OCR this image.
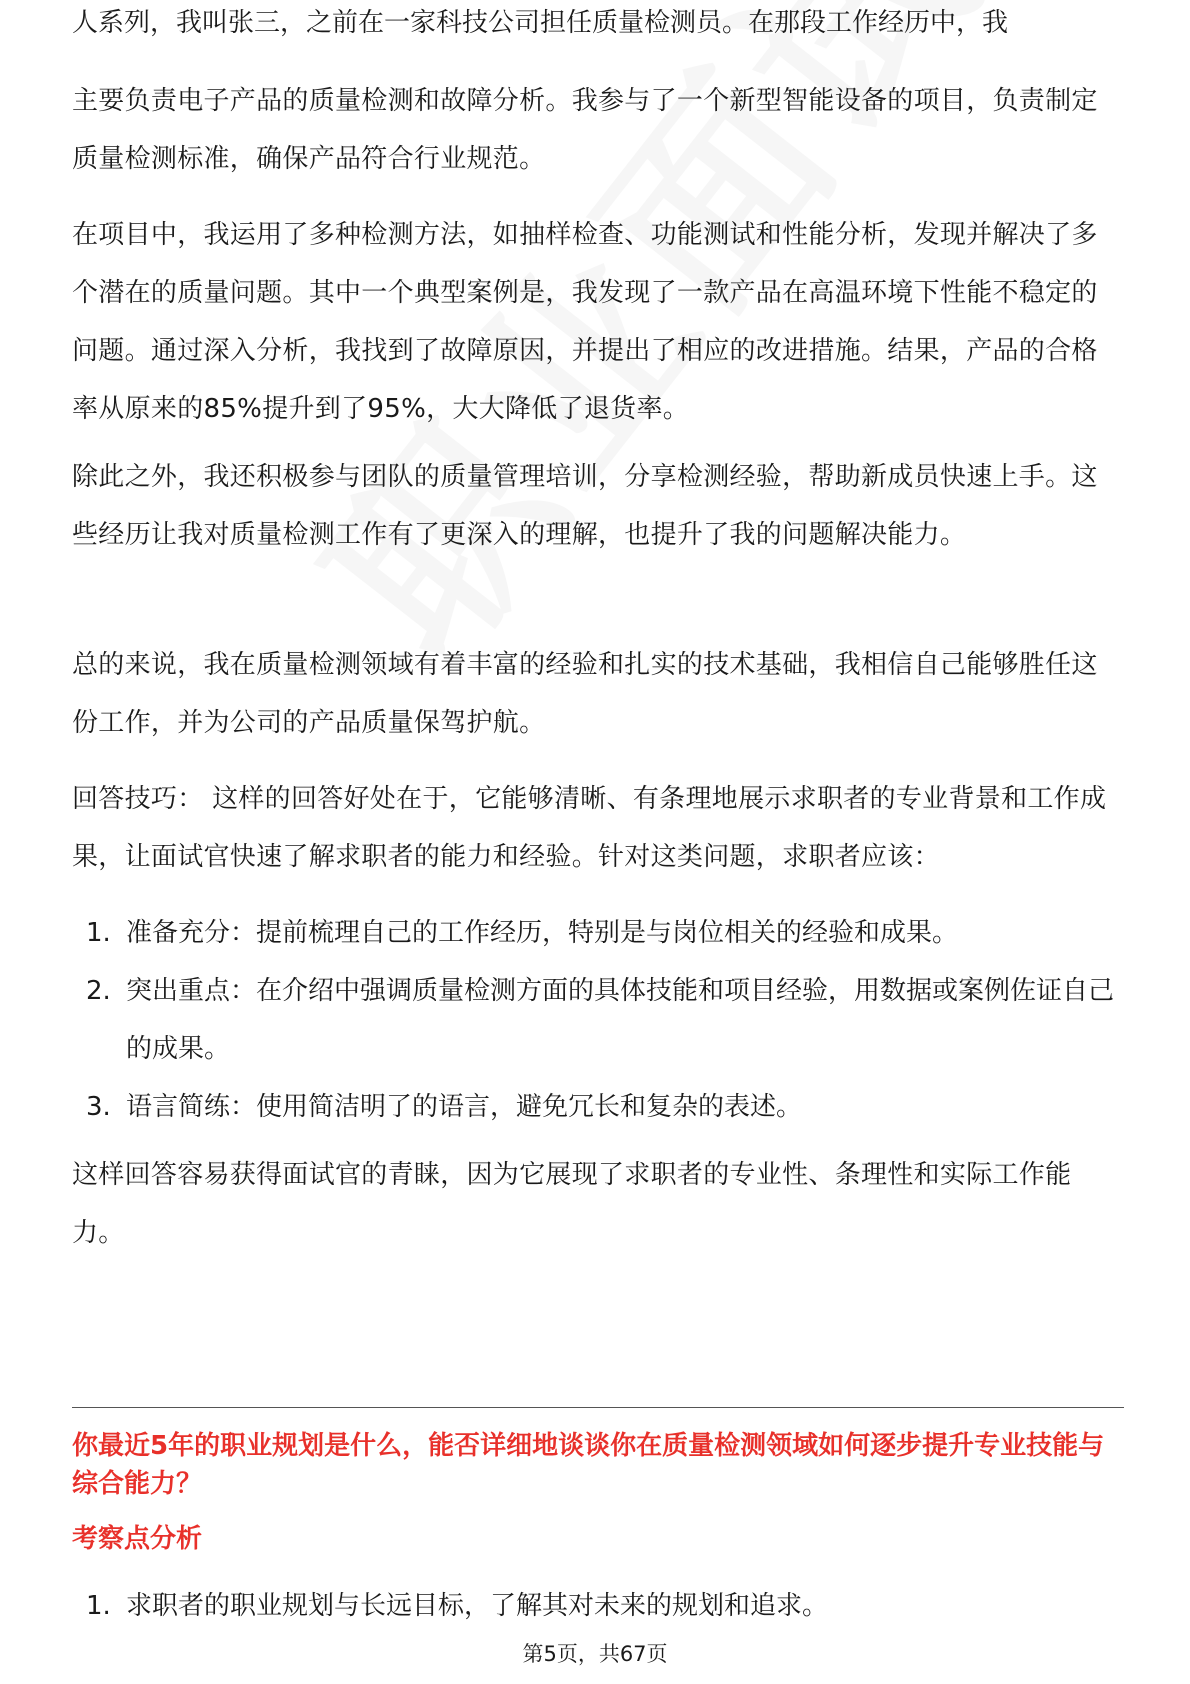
人系列，我叫张三，之前在一家科技公司担任质量检测员。在那段工作经历中，我

主要负责电子产品的质量检测和故障分析。我参与了一个新型智能设备的项目，负责制定质量检测标准，确保产品符合行业规范。

在项目中，我运用了多种检测方法，如抽样检查、功能测试和性能分析，发现并解决了多个潜在的质量问题。其中一个典型案例是，我发现了一款产品在高温环境下性能不稳定的问题。通过深入分析，我找到了故障原因，并提出了相应的改进措施。结果，产品的合格率从原来的85%提升到了95%，大大降低了退货率。

除此之外，我还积极参与团队的质量管理培训，分享检测经验，帮助新成员快速上手。这些经历让我对质量检测工作有了更深入的理解，也提升了我的问题解决能力。

总的来说，我在质量检测领域有着丰富的经验和扎实的技术基础，我相信自己能够胜任这份工作，并为公司的产品质量保驾护航。

回答技巧： 这样的回答好处在于，它能够清晰、有条理地展示求职者的专业背景和工作成果，让面试官快速了解求职者的能力和经验。针对这类问题，求职者应该：

1. 准备充分：提前梳理自己的工作经历，特别是与岗位相关的经验和成果。
2. 突出重点：在介绍中强调质量检测方面的具体技能和项目经验，用数据或案例佐证自己的成果。
3. 语言简练：使用简洁明了的语言，避免冗长和复杂的表述。

这样回答容易获得面试官的青睐，因为它展现了求职者的专业性、条理性和实际工作能力。

你最近5年的职业规划是什么，能否详细地谈谈你在质量检测领域如何逐步提升专业技能与综合能力？

考察点分析

1. 求职者的职业规划与长远目标，了解其对未来的规划和追求。
第5页，共67页
